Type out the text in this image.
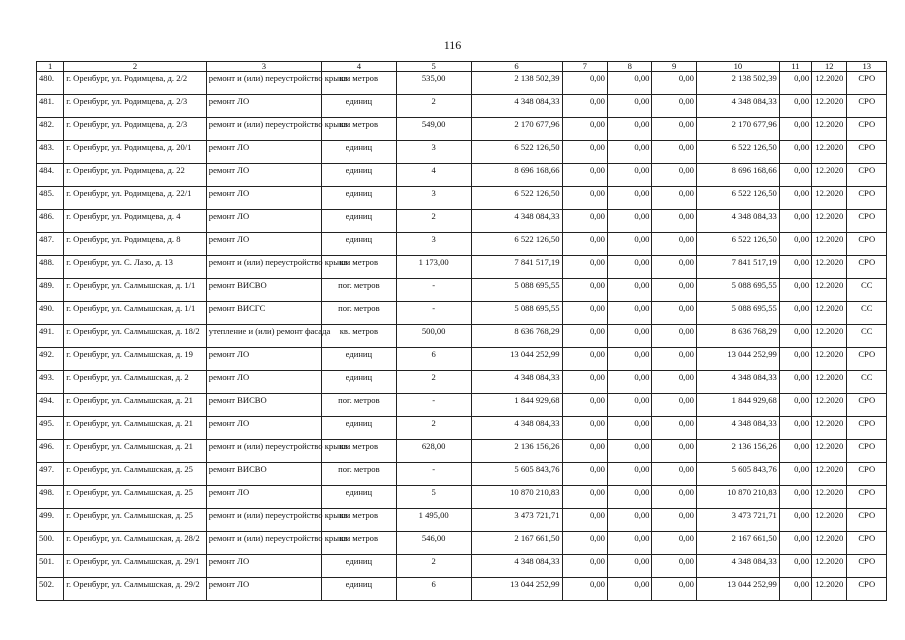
116
1	2	3	4	5	6	7	8	9	10	11	12	13
480.	г. Оренбург, ул. Родимцева, д. 2/2	ремонт и (или) переустройство крыши	кв. метров	535,00	2 138 502,39	0,00	0,00	0,00	2 138 502,39	0,00	12.2020	СРО
481.	г. Оренбург, ул. Родимцева, д. 2/3	ремонт ЛО	единиц	2	4 348 084,33	0,00	0,00	0,00	4 348 084,33	0,00	12.2020	СРО
482.	г. Оренбург, ул. Родимцева, д. 2/3	ремонт и (или) переустройство крыши	кв. метров	549,00	2 170 677,96	0,00	0,00	0,00	2 170 677,96	0,00	12.2020	СРО
483.	г. Оренбург, ул. Родимцева, д. 20/1	ремонт ЛО	единиц	3	6 522 126,50	0,00	0,00	0,00	6 522 126,50	0,00	12.2020	СРО
484.	г. Оренбург, ул. Родимцева, д. 22	ремонт ЛО	единиц	4	8 696 168,66	0,00	0,00	0,00	8 696 168,66	0,00	12.2020	СРО
485.	г. Оренбург, ул. Родимцева, д. 22/1	ремонт ЛО	единиц	3	6 522 126,50	0,00	0,00	0,00	6 522 126,50	0,00	12.2020	СРО
486.	г. Оренбург, ул. Родимцева, д. 4	ремонт ЛО	единиц	2	4 348 084,33	0,00	0,00	0,00	4 348 084,33	0,00	12.2020	СРО
487.	г. Оренбург, ул. Родимцева, д. 8	ремонт ЛО	единиц	3	6 522 126,50	0,00	0,00	0,00	6 522 126,50	0,00	12.2020	СРО
488.	г. Оренбург, ул. С. Лазо, д. 13	ремонт и (или) переустройство крыши	кв. метров	1 173,00	7 841 517,19	0,00	0,00	0,00	7 841 517,19	0,00	12.2020	СРО
489.	г. Оренбург, ул. Салмышская, д. 1/1	ремонт ВИСВО	пог. метров	-	5 088 695,55	0,00	0,00	0,00	5 088 695,55	0,00	12.2020	СС
490.	г. Оренбург, ул. Салмышская, д. 1/1	ремонт ВИСГС	пог. метров	-	5 088 695,55	0,00	0,00	0,00	5 088 695,55	0,00	12.2020	СС
491.	г. Оренбург, ул. Салмышская, д. 18/2	утепление и (или) ремонт фасада	кв. метров	500,00	8 636 768,29	0,00	0,00	0,00	8 636 768,29	0,00	12.2020	СС
492.	г. Оренбург, ул. Салмышская, д. 19	ремонт ЛО	единиц	6	13 044 252,99	0,00	0,00	0,00	13 044 252,99	0,00	12.2020	СРО
493.	г. Оренбург, ул. Салмышская, д. 2	ремонт ЛО	единиц	2	4 348 084,33	0,00	0,00	0,00	4 348 084,33	0,00	12.2020	СС
494.	г. Оренбург, ул. Салмышская, д. 21	ремонт ВИСВО	пог. метров	-	1 844 929,68	0,00	0,00	0,00	1 844 929,68	0,00	12.2020	СРО
495.	г. Оренбург, ул. Салмышская, д. 21	ремонт ЛО	единиц	2	4 348 084,33	0,00	0,00	0,00	4 348 084,33	0,00	12.2020	СРО
496.	г. Оренбург, ул. Салмышская, д. 21	ремонт и (или) переустройство крыши	кв. метров	628,00	2 136 156,26	0,00	0,00	0,00	2 136 156,26	0,00	12.2020	СРО
497.	г. Оренбург, ул. Салмышская, д. 25	ремонт ВИСВО	пог. метров	-	5 605 843,76	0,00	0,00	0,00	5 605 843,76	0,00	12.2020	СРО
498.	г. Оренбург, ул. Салмышская, д. 25	ремонт ЛО	единиц	5	10 870 210,83	0,00	0,00	0,00	10 870 210,83	0,00	12.2020	СРО
499.	г. Оренбург, ул. Салмышская, д. 25	ремонт и (или) переустройство крыши	кв. метров	1 495,00	3 473 721,71	0,00	0,00	0,00	3 473 721,71	0,00	12.2020	СРО
500.	г. Оренбург, ул. Салмышская, д. 28/2	ремонт и (или) переустройство крыши	кв. метров	546,00	2 167 661,50	0,00	0,00	0,00	2 167 661,50	0,00	12.2020	СРО
501.	г. Оренбург, ул. Салмышская, д. 29/1	ремонт ЛО	единиц	2	4 348 084,33	0,00	0,00	0,00	4 348 084,33	0,00	12.2020	СРО
502.	г. Оренбург, ул. Салмышская, д. 29/2	ремонт ЛО	единиц	6	13 044 252,99	0,00	0,00	0,00	13 044 252,99	0,00	12.2020	СРО
